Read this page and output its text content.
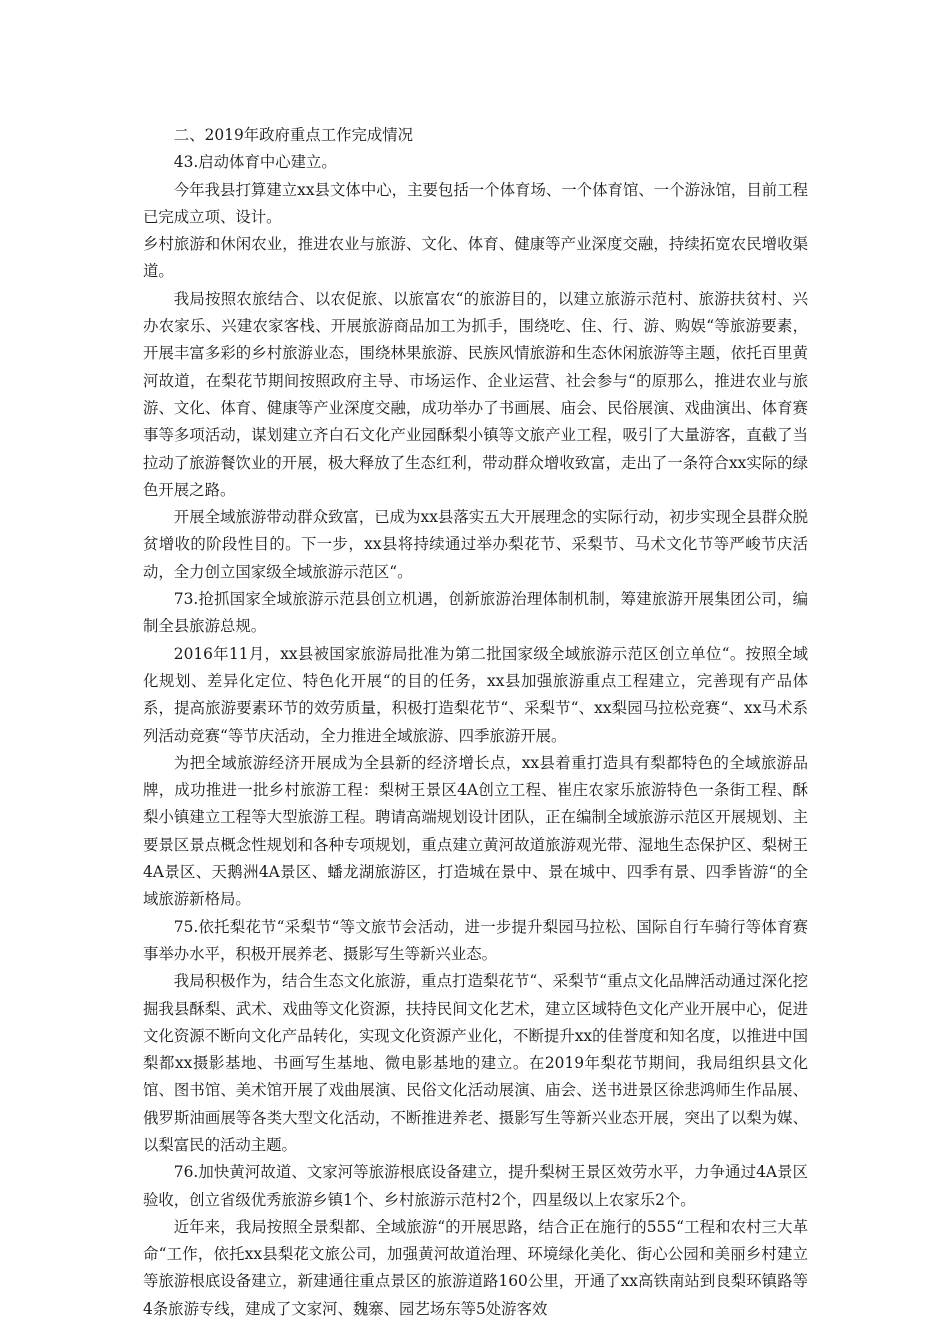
二、2019年政府重点工作完成情况

43.启动体育中心建立。

今年我县打算建立xx县文体中心，主要包括一个体育场、一个体育馆、一个游泳馆，目前工程已完成立项、设计。

乡村旅游和休闲农业，推进农业与旅游、文化、体育、健康等产业深度交融，持续拓宽农民增收渠道。

我局按照农旅结合、以农促旅、以旅富农“的旅游目的，以建立旅游示范村、旅游扶贫村、兴办农家乐、兴建农家客栈、开展旅游商品加工为抓手，围绕吃、住、行、游、购娱“等旅游要素，开展丰富多彩的乡村旅游业态，围绕林果旅游、民族风情旅游和生态休闲旅游等主题，依托百里黄河故道，在梨花节期间按照政府主导、市场运作、企业运营、社会参与“的原那么，推进农业与旅游、文化、体育、健康等产业深度交融，成功举办了书画展、庙会、民俗展演、戏曲演出、体育赛事等多项活动，谋划建立齐白石文化产业园酥梨小镇等文旅产业工程，吸引了大量游客，直截了当拉动了旅游餐饮业的开展，极大释放了生态红利，带动群众增收致富，走出了一条符合xx实际的绿色开展之路。

开展全域旅游带动群众致富，已成为xx县落实五大开展理念的实际行动，初步实现全县群众脱贫增收的阶段性目的。下一步，xx县将持续通过举办梨花节、采梨节、马术文化节等严峻节庆活动，全力创立国家级全域旅游示范区“。

73.抢抓国家全域旅游示范县创立机遇，创新旅游治理体制机制，筹建旅游开展集团公司，编制全县旅游总规。

2016年11月，xx县被国家旅游局批准为第二批国家级全域旅游示范区创立单位“。按照全域化规划、差异化定位、特色化开展“的目的任务，xx县加强旅游重点工程建立，完善现有产品体系，提高旅游要素环节的效劳质量，积极打造梨花节“、采梨节“、xx梨园马拉松竞赛“、xx马术系列活动竞赛“等节庆活动，全力推进全域旅游、四季旅游开展。

为把全域旅游经济开展成为全县新的经济增长点，xx县着重打造具有梨都特色的全域旅游品牌，成功推进一批乡村旅游工程：梨树王景区4A创立工程、崔庄农家乐旅游特色一条街工程、酥梨小镇建立工程等大型旅游工程。聘请高端规划设计团队，正在编制全域旅游示范区开展规划、主要景区景点概念性规划和各种专项规划，重点建立黄河故道旅游观光带、湿地生态保护区、梨树王4A景区、天鹅洲4A景区、蟠龙湖旅游区，打造城在景中、景在城中、四季有景、四季皆游“的全域旅游新格局。

75.依托梨花节“采梨节“等文旅节会活动，进一步提升梨园马拉松、国际自行车骑行等体育赛事举办水平，积极开展养老、摄影写生等新兴业态。

我局积极作为，结合生态文化旅游，重点打造梨花节“、采梨节“重点文化品牌活动通过深化挖掘我县酥梨、武术、戏曲等文化资源，扶持民间文化艺术，建立区域特色文化产业开展中心，促进文化资源不断向文化产品转化，实现文化资源产业化，不断提升xx的佳誉度和知名度，以推进中国梨都xx摄影基地、书画写生基地、微电影基地的建立。在2019年梨花节期间，我局组织县文化馆、图书馆、美术馆开展了戏曲展演、民俗文化活动展演、庙会、送书进景区徐悲鸿师生作品展、俄罗斯油画展等各类大型文化活动，不断推进养老、摄影写生等新兴业态开展，突出了以梨为媒、以梨富民的活动主题。

76.加快黄河故道、文家河等旅游根底设备建立，提升梨树王景区效劳水平，力争通过4A景区验收，创立省级优秀旅游乡镇1个、乡村旅游示范村2个，四星级以上农家乐2个。

近年来，我局按照全景梨都、全域旅游“的开展思路，结合正在施行的555“工程和农村三大革命“工作，依托xx县梨花文旅公司，加强黄河故道治理、环境绿化美化、街心公园和美丽乡村建立等旅游根底设备建立，新建通往重点景区的旅游道路160公里，开通了xx高铁南站到良梨环镇路等4条旅游专线，建成了文家河、魏寨、园艺场东等5处游客效
